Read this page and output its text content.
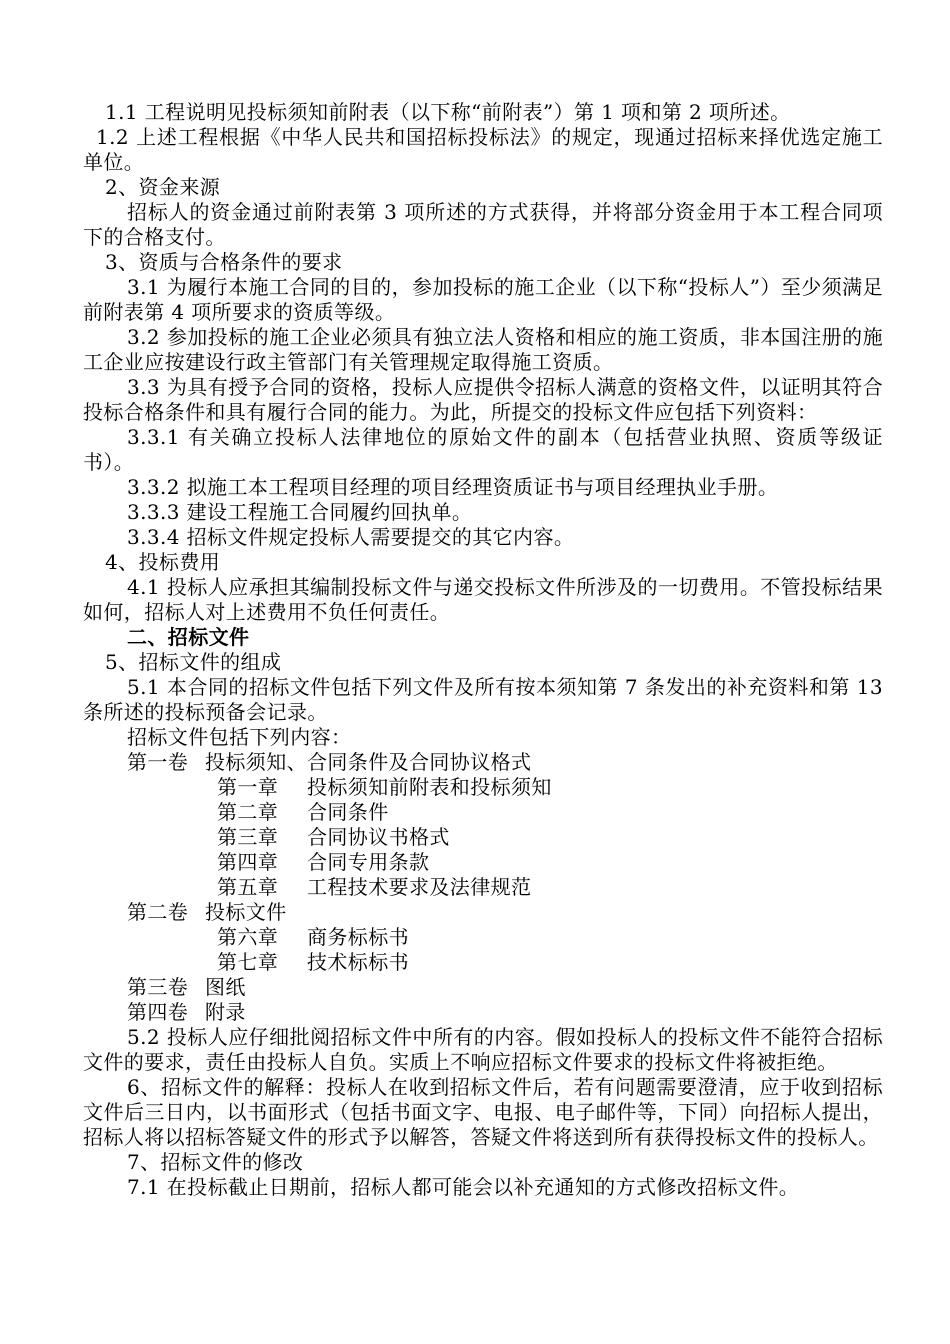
1.1 工程说明见投标须知前附表（以下称“前附表”）第 1 项和第 2 项所述。

1.2 上述工程根据《中华人民共和国招标投标法》的规定，现通过招标来择优选定施工单位。

2、资金来源

招标人的资金通过前附表第 3 项所述的方式获得，并将部分资金用于本工程合同项下的合格支付。

3、资质与合格条件的要求

3.1 为履行本施工合同的目的，参加投标的施工企业（以下称“投标人”）至少须满足前附表第 4 项所要求的资质等级。

3.2 参加投标的施工企业必须具有独立法人资格和相应的施工资质，非本国注册的施工企业应按建设行政主管部门有关管理规定取得施工资质。

3.3 为具有授予合同的资格，投标人应提供令招标人满意的资格文件，以证明其符合投标合格条件和具有履行合同的能力。为此，所提交的投标文件应包括下列资料：

3.3.1 有关确立投标人法律地位的原始文件的副本（包括营业执照、资质等级证书）。

3.3.2 拟施工本工程项目经理的项目经理资质证书与项目经理执业手册。

3.3.3 建设工程施工合同履约回执单。

3.3.4 招标文件规定投标人需要提交的其它内容。

4、投标费用

4.1 投标人应承担其编制投标文件与递交投标文件所涉及的一切费用。不管投标结果如何，招标人对上述费用不负任何责任。

二、招标文件

5、招标文件的组成

5.1 本合同的招标文件包括下列文件及所有按本须知第 7 条发出的补充资料和第 13 条所述的投标预备会记录。

招标文件包括下列内容：

第一卷 投标须知、合同条件及合同协议格式

第一章 投标须知前附表和投标须知

第二章 合同条件

第三章 合同协议书格式

第四章 合同专用条款

第五章 工程技术要求及法律规范

第二卷 投标文件

第六章 商务标标书

第七章 技术标标书

第三卷 图纸

第四卷 附录

5.2 投标人应仔细批阅招标文件中所有的内容。假如投标人的投标文件不能符合招标文件的要求，责任由投标人自负。实质上不响应招标文件要求的投标文件将被拒绝。

6、招标文件的解释：投标人在收到招标文件后，若有问题需要澄清，应于收到招标文件后三日内，以书面形式（包括书面文字、电报、电子邮件等，下同）向招标人提出，招标人将以招标答疑文件的形式予以解答，答疑文件将送到所有获得投标文件的投标人。

7、招标文件的修改

7.1 在投标截止日期前，招标人都可能会以补充通知的方式修改招标文件。
